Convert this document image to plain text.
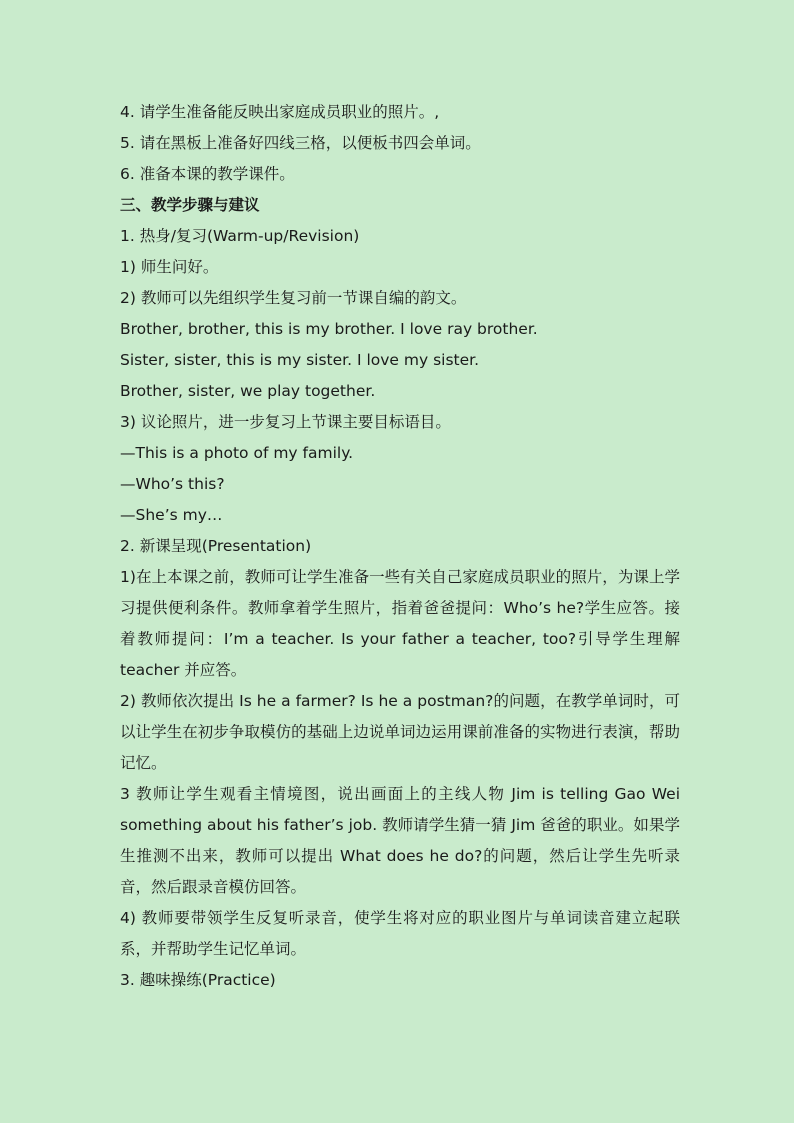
4. 请学生准备能反映出家庭成员职业的照片。,
5. 请在黑板上准备好四线三格，以便板书四会单词。
6. 准备本课的教学课件。
三、教学步骤与建议
1. 热身/复习(Warm-up/Revision)
1) 师生问好。
2) 教师可以先组织学生复习前一节课自编的韵文。
Brother, brother, this is my brother. I love ray brother.
Sister, sister, this is my sister. I love my sister.
Brother, sister, we play together.
3) 议论照片，进一步复习上节课主要目标语目。
—This is a photo of my family.
—Who’s this?
—She’s my…
2. 新课呈现(Presentation)
1)在上本课之前，教师可让学生准备一些有关自己家庭成员职业的照片，为课上学习提供便利条件。教师拿着学生照片，指着爸爸提问：Who’s he?学生应答。接着教师提问：I’m a teacher. Is your father a teacher, too?引导学生理解 teacher 并应答。
2) 教师依次提出 Is he a farmer? Is he a postman?的问题，在教学单词时，可以让学生在初步争取模仿的基础上边说单词边运用课前准备的实物进行表演，帮助记忆。
3 教师让学生观看主情境图，说出画面上的主线人物 Jim is telling Gao Wei something about his father’s job. 教师请学生猜一猜 Jim 爸爸的职业。如果学生推测不出来，教师可以提出 What does he do?的问题，然后让学生先听录音，然后跟录音模仿回答。
4) 教师要带领学生反复听录音，使学生将对应的职业图片与单词读音建立起联系，并帮助学生记忆单词。
3. 趣味操练(Practice)
